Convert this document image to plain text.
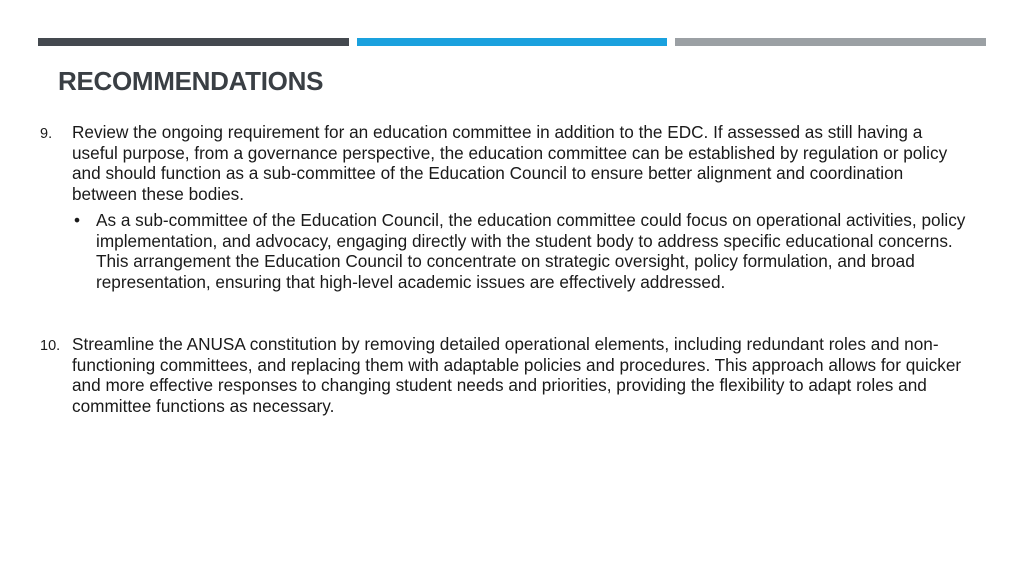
RECOMMENDATIONS
9. Review the ongoing requirement for an education committee in addition to the EDC. If assessed as still having a useful purpose, from a governance perspective, the education committee can be established by regulation or policy and should function as a sub-committee of the Education Council to ensure better alignment and coordination between these bodies.

• As a sub-committee of the Education Council, the education committee could focus on operational activities, policy implementation, and advocacy, engaging directly with the student body to address specific educational concerns. This arrangement the Education Council to concentrate on strategic oversight, policy formulation, and broad representation, ensuring that high-level academic issues are effectively addressed.

10. Streamline the ANUSA constitution by removing detailed operational elements, including redundant roles and non-functioning committees, and replacing them with adaptable policies and procedures. This approach allows for quicker and more effective responses to changing student needs and priorities, providing the flexibility to adapt roles and committee functions as necessary.
